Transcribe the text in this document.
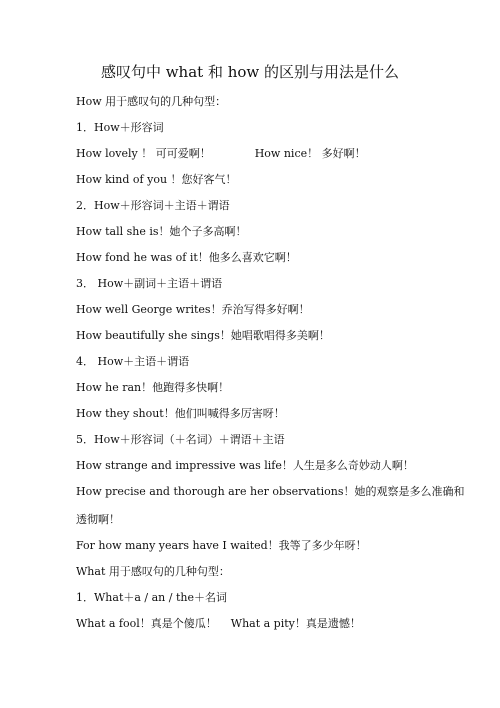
感叹句中 what 和 how 的区别与用法是什么
How 用于感叹句的几种句型：
1．How＋形容词
How lovely ！ 可可爱啊！	How nice！ 多好啊！
How kind of you ！您好客气！
2．How＋形容词＋主语＋谓语
How tall she is！她个子多高啊！
How fond he was of it！他多么喜欢它啊！
3． How＋副词＋主语＋谓语
How well George writes！乔治写得多好啊！
How beautifully she sings！她唱歌唱得多美啊！
4． How＋主语＋谓语
How he ran！他跑得多快啊！
How they shout！他们叫喊得多厉害呀！
5．How＋形容词（＋名词）＋谓语＋主语
How strange and impressive was life！人生是多么奇妙动人啊！
How precise and thorough are her observations！她的观察是多么准确和
透彻啊！
For how many years have I waited！我等了多少年呀！
What 用于感叹句的几种句型：
1．What＋a / an / the＋名词
What a fool！真是个傻瓜！ What a pity！真是遗憾！
